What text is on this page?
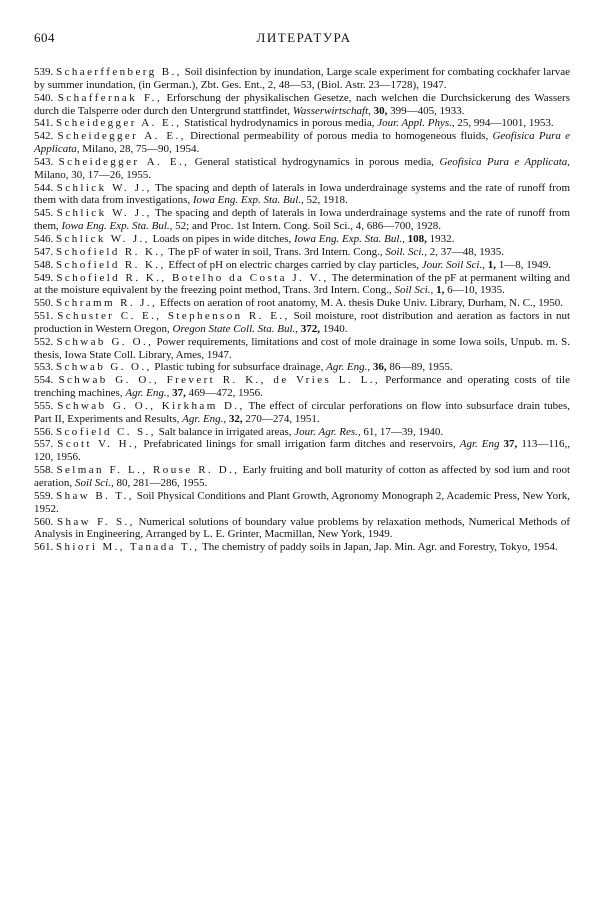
604	ЛИТЕРАТУРА
539. Schaerffenberg B., Soil disinfection by inundation, Large scale experiment for combating cockhafer larvae by summer inundation, (in German.), Zbt. Ges. Ent., 2, 48—53, (Biol. Astr. 23—1728), 1947.
540. Schaffernak F., Erforschung der physikalischen Gesetze, nach welchen die Durchsickerung des Wassers durch die Talsperre oder durch den Untergrund stattfindet, Wasserwirtschaft, 30, 399—405, 1933.
541. Scheidegger A. E., Statistical hydrodynamics in porous media, Jour. Appl. Phys., 25, 994—1001, 1953.
542. Scheidegger A. E., Directional permeability of porous media to homogeneous fluids, Geofisica Pura e Applicata, Milano, 28, 75—90, 1954.
543. Scheidegger A. E., General statistical hydrogynamics in porous media, Geofisica Pura e Applicata, Milano, 30, 17—26, 1955.
544. Schlick W. J., The spacing and depth of laterals in Iowa underdrainage systems and the rate of runoff from them with data from investigations, Iowa Eng. Exp. Sta. Bul., 52, 1918.
545. Schlick W. J., The spacing and depth of laterals in Iowa underdrainage systems and the rate of runoff from them, Iowa Eng. Exp. Sta. Bul., 52; and Proc. 1st Intern. Cong. Soil Sci., 4, 686—700, 1928.
546. Schlick W. J., Loads on pipes in wide ditches, Iowa Eng. Exp. Sta. Bul., 108, 1932.
547. Schofield R. K., The pF of water in soil, Trans. 3rd Intern. Cong., Soil. Sci., 2, 37—48, 1935.
548. Schofield R. K., Effect of pH on electric charges carried by clay particles, Jour. Soil Sci., 1, 1—8, 1949.
549. Schofield R. K., Botelho da Costa J. V., The determination of the pF at permanent wilting and at the moisture equivalent by the freezing point method, Trans. 3rd Intern. Cong., Soil Sci., 1, 6—10, 1935.
550. Schramm R. J., Effects on aeration of root anatomy, M. A. thesis Duke Univ. Library, Durham, N. C., 1950.
551. Schuster C. E., Stephenson R. E., Soil moisture, root distribution and aeration as factors in nut production in Western Oregon, Oregon State Coll. Sta. Bul., 372, 1940.
552. Schwab G. O., Power requirements, limitations and cost of mole drainage in some Iowa soils, Unpub. m. S. thesis, Iowa State Coll. Library, Ames, 1947.
553. Schwab G. O., Plastic tubing for subsurface drainage, Agr. Eng., 36, 86—89, 1955.
554. Schwab G. O., Frevert R. K., de Vries L. L., Performance and operating costs of tile trenching machines, Agr. Eng., 37, 469—472, 1956.
555. Schwab G. O., Kirkham D., The effect of circular perforations on flow into subsurface drain tubes, Part II, Experiments and Results, Agr. Eng., 32, 270—274, 1951.
556. Scofield C. S., Salt balance in irrigated areas, Jour. Agr. Res., 61, 17—39, 1940.
557. Scott V. H., Prefabricated linings for small irrigation farm ditches and reservoirs, Agr. Eng 37, 113—116,, 120, 1956.
558. Selman F. L., Rouse R. D., Early fruiting and boll maturity of cotton as affected by sod ium and root aeration, Soil Sci., 80, 281—286, 1955.
559. Shaw B. T., Soil Physical Conditions and Plant Growth, Agronomy Monograph 2, Academic Press, New York, 1952.
560. Shaw F. S., Numerical solutions of boundary value problems by relaxation methods, Numerical Methods of Analysis in Engineering, Arranged by L. E. Grinter, Macmillan, New York, 1949.
561. Shiori M., Tanada T., The chemistry of paddy soils in Japan, Jap. Min. Agr. and Forestry, Tokyo, 1954.
